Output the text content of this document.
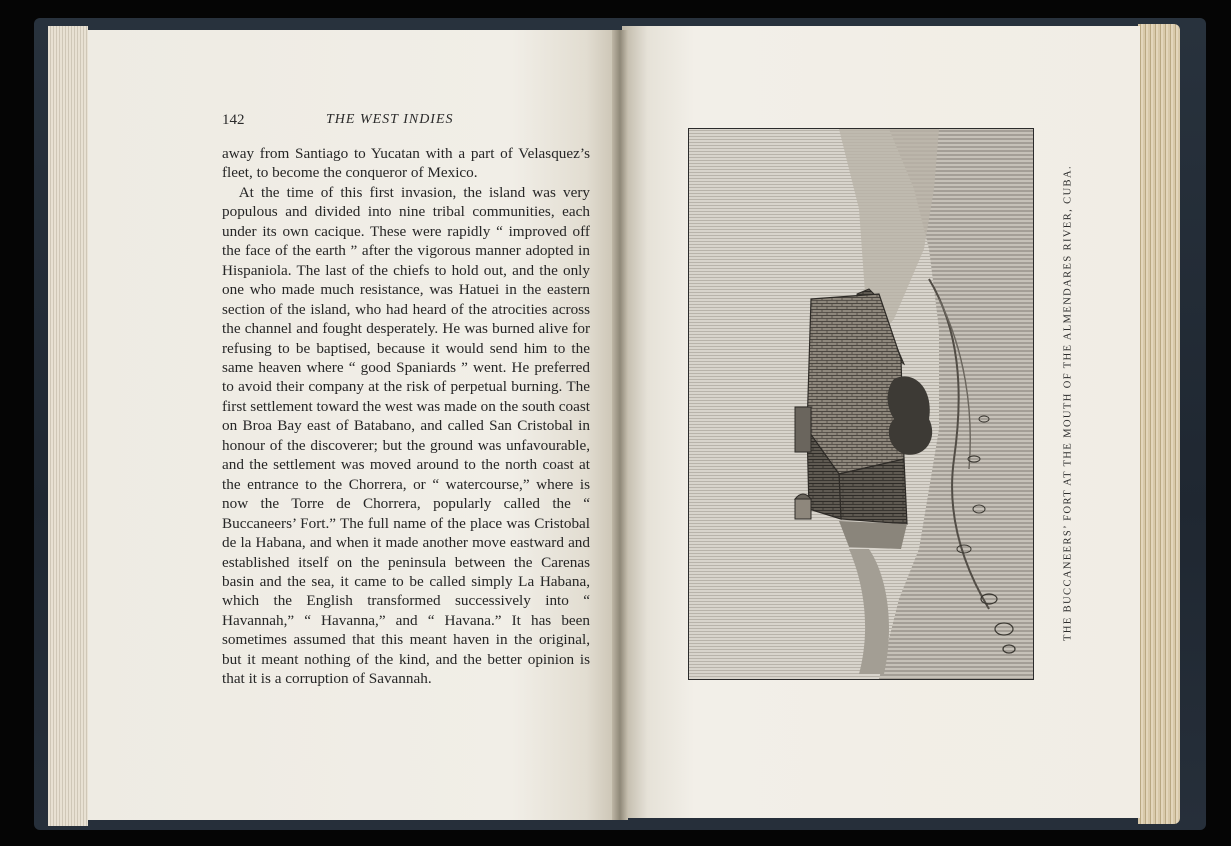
142	THE WEST INDIES

away from Santiago to Yucatan with a part of Velasquez’s fleet, to become the conqueror of Mexico.

At the time of this first invasion, the island was very populous and divided into nine tribal communities, each under its own cacique. These were rapidly “ improved off the face of the earth ” after the vigorous manner adopted in Hispaniola. The last of the chiefs to hold out, and the only one who made much resistance, was Hatuei in the eastern section of the island, who had heard of the atrocities across the channel and fought desperately. He was burned alive for refusing to be baptised, because it would send him to the same heaven where “ good Spaniards ” went. He preferred to avoid their company at the risk of perpetual burning. The first settlement toward the west was made on the south coast on Broa Bay east of Batabano, and called San Cristobal in honour of the discoverer; but the ground was unfavourable, and the settlement was moved around to the north coast at the entrance to the Chorrera, or “ watercourse,” where is now the Torre de Chorrera, popularly called the “ Buccaneers’ Fort.” The full name of the place was Cristobal de la Habana, and when it made another move eastward and established itself on the peninsula between the Carenas basin and the sea, it came to be called simply La Habana, which the English transformed successively into “ Havannah,” “ Havanna,” and “ Havana.” It has been sometimes assumed that this meant haven in the original, but it meant nothing of the kind, and the better opinion is that it is a corruption of Savannah.

THE BUCCANEERS’ FORT AT THE MOUTH OF THE ALMENDARES RIVER, CUBA.
